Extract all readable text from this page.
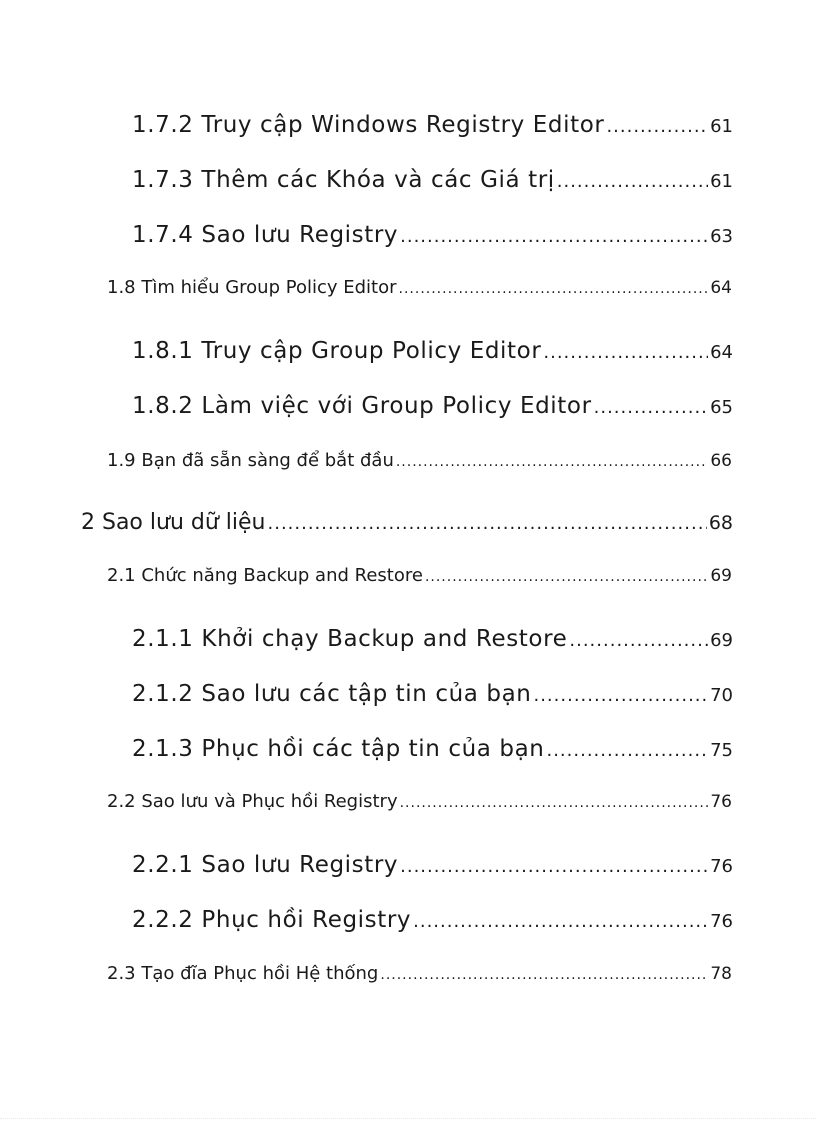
1.7.2 Truy cập Windows Registry Editor .....	61
1.7.3 Thêm các Khóa và các Giá trị .....	61
1.7.4 Sao lưu Registry .....	63
1.8 Tìm hiểu Group Policy Editor .....	64
1.8.1 Truy cập Group Policy Editor .....	64
1.8.2 Làm việc với Group Policy Editor .....	65
1.9 Bạn đã sẵn sàng để bắt đầu .....	66
2 Sao lưu dữ liệu .....	68
2.1 Chức năng Backup and Restore .....	69
2.1.1 Khởi chạy Backup and Restore .....	69
2.1.2 Sao lưu các tập tin của bạn .....	70
2.1.3 Phục hồi các tập tin của bạn .....	75
2.2 Sao lưu và Phục hồi Registry .....	76
2.2.1 Sao lưu Registry .....	76
2.2.2 Phục hồi Registry .....	76
2.3 Tạo đĩa Phục hồi Hệ thống .....	78
